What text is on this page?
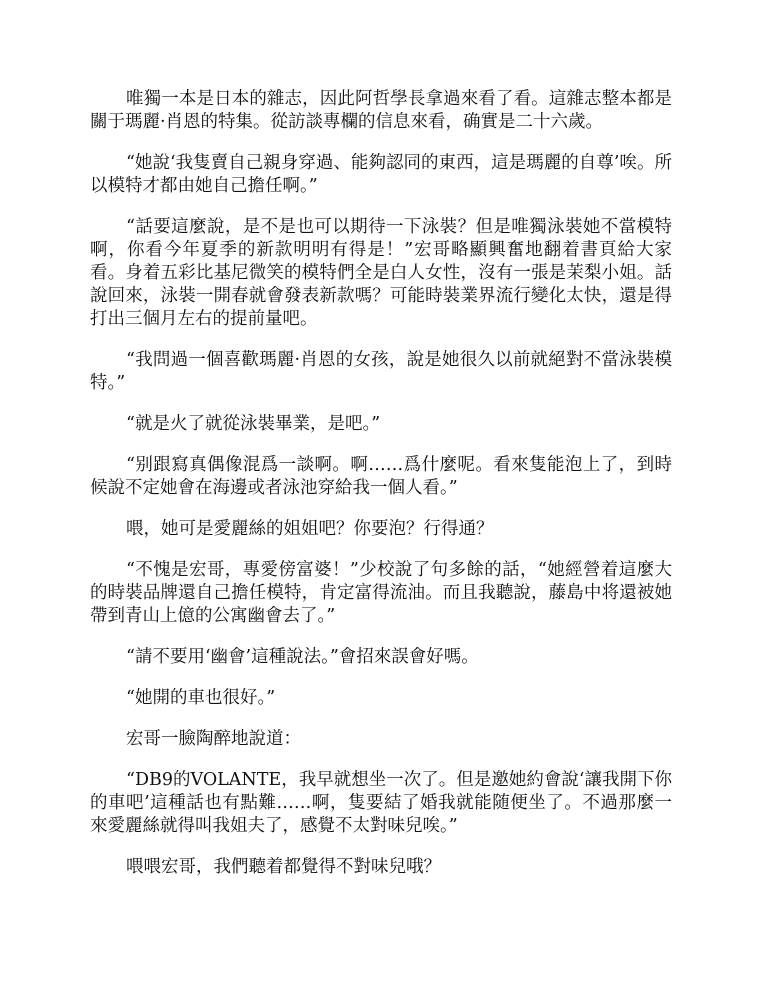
唯獨一本是日本的雜志，因此阿哲學長拿過來看了看。這雜志整本都是關于瑪麗·肖恩的特集。從訪談專欄的信息來看，确實是二十六歲。

“她說‘我隻賣自己親身穿過、能夠認同的東西，這是瑪麗的自尊’唉。所以模特才都由她自己擔任啊。”

“話要這麼說，是不是也可以期待一下泳裝？但是唯獨泳裝她不當模特啊，你看今年夏季的新款明明有得是！”宏哥略顯興奮地翻着書頁給大家看。身着五彩比基尼微笑的模特們全是白人女性，沒有一張是茉梨小姐。話說回來，泳裝一開春就會發表新款嗎？可能時裝業界流行變化太快，還是得打出三個月左右的提前量吧。

“我問過一個喜歡瑪麗·肖恩的女孩，說是她很久以前就絕對不當泳裝模特。”

“就是火了就從泳裝畢業，是吧。”

“别跟寫真偶像混爲一談啊。啊……爲什麼呢。看來隻能泡上了，到時候說不定她會在海邊或者泳池穿給我一個人看。”

喂，她可是愛麗絲的姐姐吧？你要泡？行得通？

“不愧是宏哥，專愛傍富婆！”少校說了句多餘的話，“她經營着這麼大的時裝品牌還自己擔任模特，肯定富得流油。而且我聽說，藤島中将還被她帶到青山上億的公寓幽會去了。”

“請不要用‘幽會’這種說法。”會招來誤會好嗎。

“她開的車也很好。”

宏哥一臉陶醉地說道：

“DB9的VOLANTE，我早就想坐一次了。但是邀她約會說‘讓我開下你的車吧’這種話也有點難……啊，隻要結了婚我就能随便坐了。不過那麼一來愛麗絲就得叫我姐夫了，感覺不太對味兒唉。”

喂喂宏哥，我們聽着都覺得不對味兒哦？
